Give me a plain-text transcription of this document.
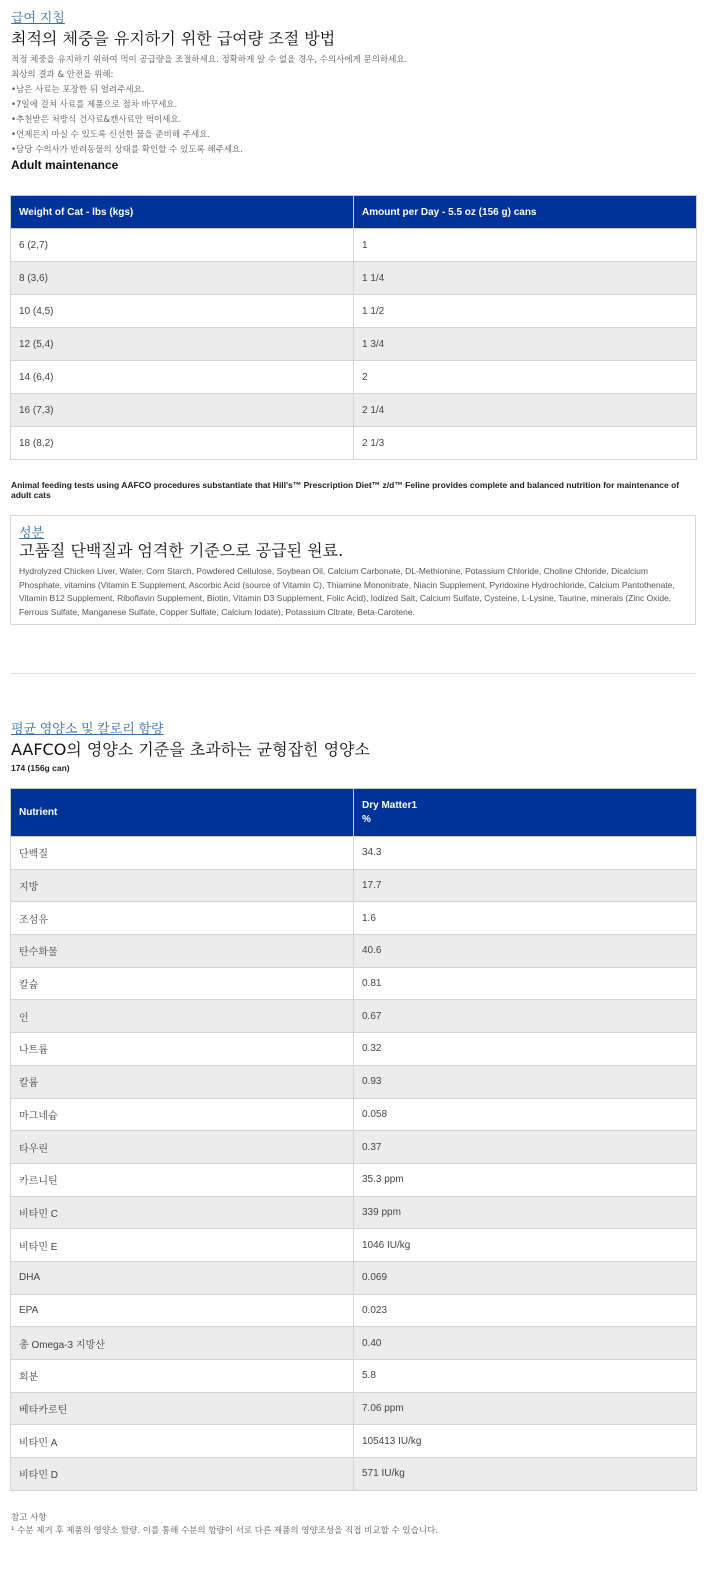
급여 지침
최적의 체중을 유지하기 위한 급여량 조절 방법
적정 체중을 유지하기 위하여 먹이 공급량을 조절하세요. 정확하게 알 수 없을 경우, 수의사에게 문의하세요.
최상의 결과 & 안전을 위해:
•남은 사료는 포장한 뒤 얼려주세요.
•7일에 걸쳐 사료를 제품으로 점차 바꾸세요.
•추천받은 처방식 건사료&캔사료만 먹이세요.
•언제든지 마실 수 있도록 신선한 물을 준비해 주세요.
•담당 수의사가 반려동물의 상태를 확인할 수 있도록 해주세요.
Adult maintenance
Weight of Cat - lbs (kgs)	Amount per Day - 5.5 oz (156 g) cans
6 (2,7)	1
8 (3,6)	1 1/4
10 (4,5)	1 1/2
12 (5,4)	1 3/4
14 (6,4)	2
16 (7,3)	2 1/4
18 (8,2)	2 1/3

Animal feeding tests using AAFCO procedures substantiate that Hill's™ Prescription Diet™ z/d™ Feline provides complete and balanced nutrition for maintenance of adult cats

성분
고품질 단백질과 엄격한 기준으로 공급된 원료.

Hydrolyzed Chicken Liver, Water, Corn Starch, Powdered Cellulose, Soybean Oil, Calcium Carbonate, DL-Methionine, Potassium Chloride, Choline Chloride, Dicalcium Phosphate, vitamins (Vitamin E Supplement, Ascorbic Acid (source of Vitamin C), Thiamine Mononitrate, Niacin Supplement, Pyridoxine Hydrochloride, Calcium Pantothenate, Vitamin B12 Supplement, Riboflavin Supplement, Biotin, Vitamin D3 Supplement, Folic Acid), Iodized Salt, Calcium Sulfate, Cysteine, L-Lysine, Taurine, minerals (Zinc Oxide, Ferrous Sulfate, Manganese Sulfate, Copper Sulfate, Calcium Iodate), Potassium Citrate, Beta-Carotene.

평균 영양소 및 칼로리 함량
AAFCO의 영양소 기준을 초과하는 균형잡힌 영양소
174 (156g can)
Nutrient	Dry Matter1
%

단백질	34.3
지방	17.7
조섬유	1.6
탄수화물	40.6
칼슘	0.81
인	0.67
나트륨	0.32
칼륨	0.93
마그네슘	0.058
타우린	0.37
카르니틴	35.3 ppm
비타민 C	339 ppm
비타민 E	1046 IU/kg
DHA	0.069
EPA	0.023
총 Omega-3 지방산	0.40
회분	5.8
베타카로틴	7.06 ppm
비타민 A	105413 IU/kg
비타민 D	571 IU/kg
참고 사항
¹ 수분 제거 후 제품의 영양소 함량. 이를 통해 수분의 함량이 서로 다른 제품의 영양조성을 직접 비교할 수 있습니다.
